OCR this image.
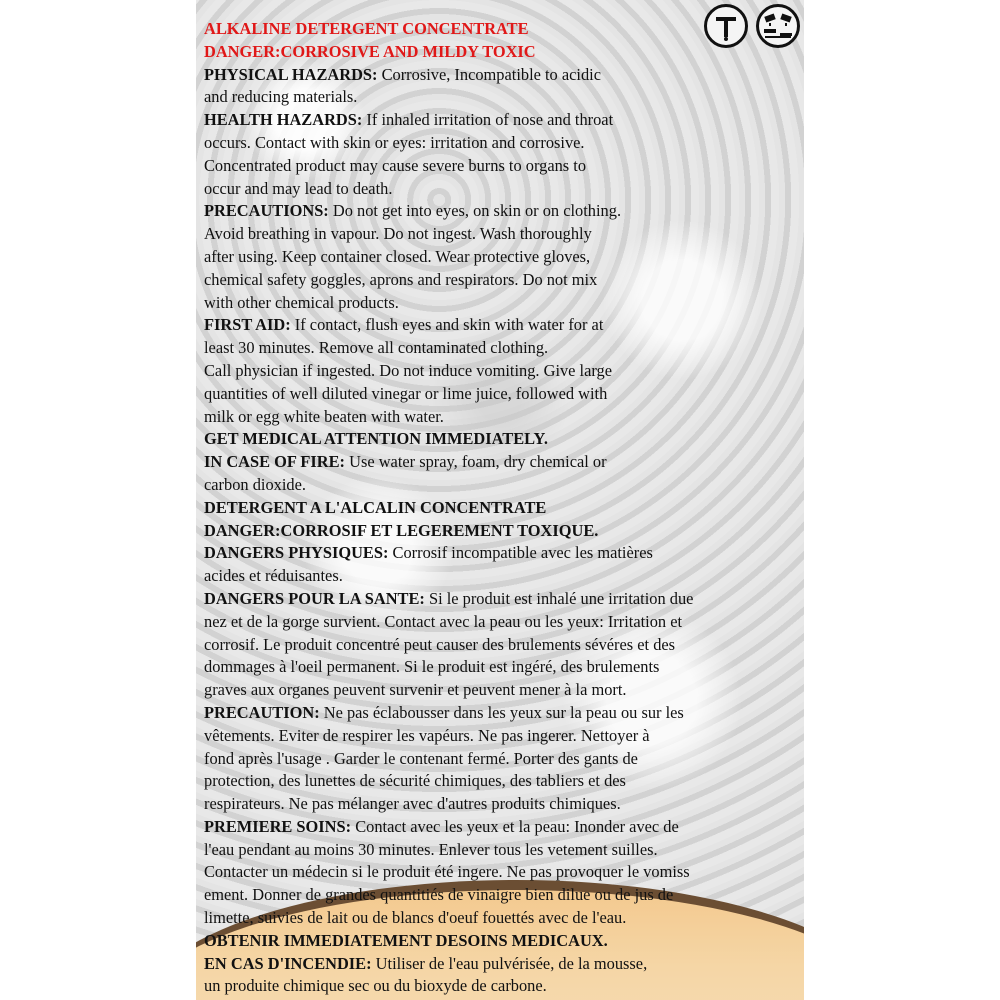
ALKALINE DETERGENT CONCENTRATE
DANGER:CORROSIVE AND MILDY TOXIC
PHYSICAL HAZARDS: Corrosive, Incompatible to acidic
and reducing materials.
HEALTH HAZARDS: If inhaled irritation of nose and throat
occurs. Contact with skin or eyes: irritation and corrosive.
Concentrated product may cause severe burns to organs to
occur and may lead to death.
PRECAUTIONS: Do not get into eyes, on skin or on clothing.
Avoid breathing in vapour. Do not ingest. Wash thoroughly
after using. Keep container closed. Wear protective gloves,
chemical safety goggles, aprons and respirators. Do not mix
with other chemical products.
FIRST AID: If contact, flush eyes and skin with water for at
least 30 minutes. Remove all contaminated clothing.
Call physician if ingested. Do not induce vomiting. Give large
quantities of well diluted vinegar or lime juice, followed with
milk or egg white beaten with water.
GET MEDICAL ATTENTION IMMEDIATELY.
IN CASE OF FIRE: Use water spray, foam, dry chemical or
carbon dioxide.
DETERGENT A L'ALCALIN CONCENTRATE
DANGER:CORROSIF ET LEGEREMENT TOXIQUE.
DANGERS PHYSIQUES: Corrosif incompatible avec les matières
acides et réduisantes.
DANGERS POUR LA SANTE: Si le produit est inhalé une irritation due
nez et de la gorge survient. Contact avec la peau ou les yeux: Irritation et
corrosif. Le produit concentré peut causer des brulements sévéres et des
dommages à l'oeil permanent. Si le produit est ingéré, des brulements
graves aux organes peuvent survenir et peuvent mener à la mort.
PRECAUTION: Ne pas éclabousser dans les yeux sur la peau ou sur les
vêtements. Eviter de respirer les vapéurs. Ne pas ingerer. Nettoyer à
fond après l'usage . Garder le contenant fermé. Porter des gants de
protection, des lunettes de sécurité chimiques, des tabliers et des
respirateurs. Ne pas mélanger avec d'autres produits chimiques.
PREMIERE SOINS: Contact avec les yeux et la peau: Inonder avec de
l'eau pendant au moins 30 minutes. Enlever tous les vetement suilles.
Contacter un médecin si le produit été ingere. Ne pas provoquer le vomiss
ement. Donner de grandes quantitiés de vinaigre bien dilue ou de jus de
limette, suivies de lait ou de blancs d'oeuf fouettés avec de l'eau.
OBTENIR IMMEDIATEMENT DESOINS MEDICAUX.
EN CAS D'INCENDIE: Utiliser de l'eau pulvérisée, de la mousse,
un produite chimique sec ou du bioxyde de carbone.
